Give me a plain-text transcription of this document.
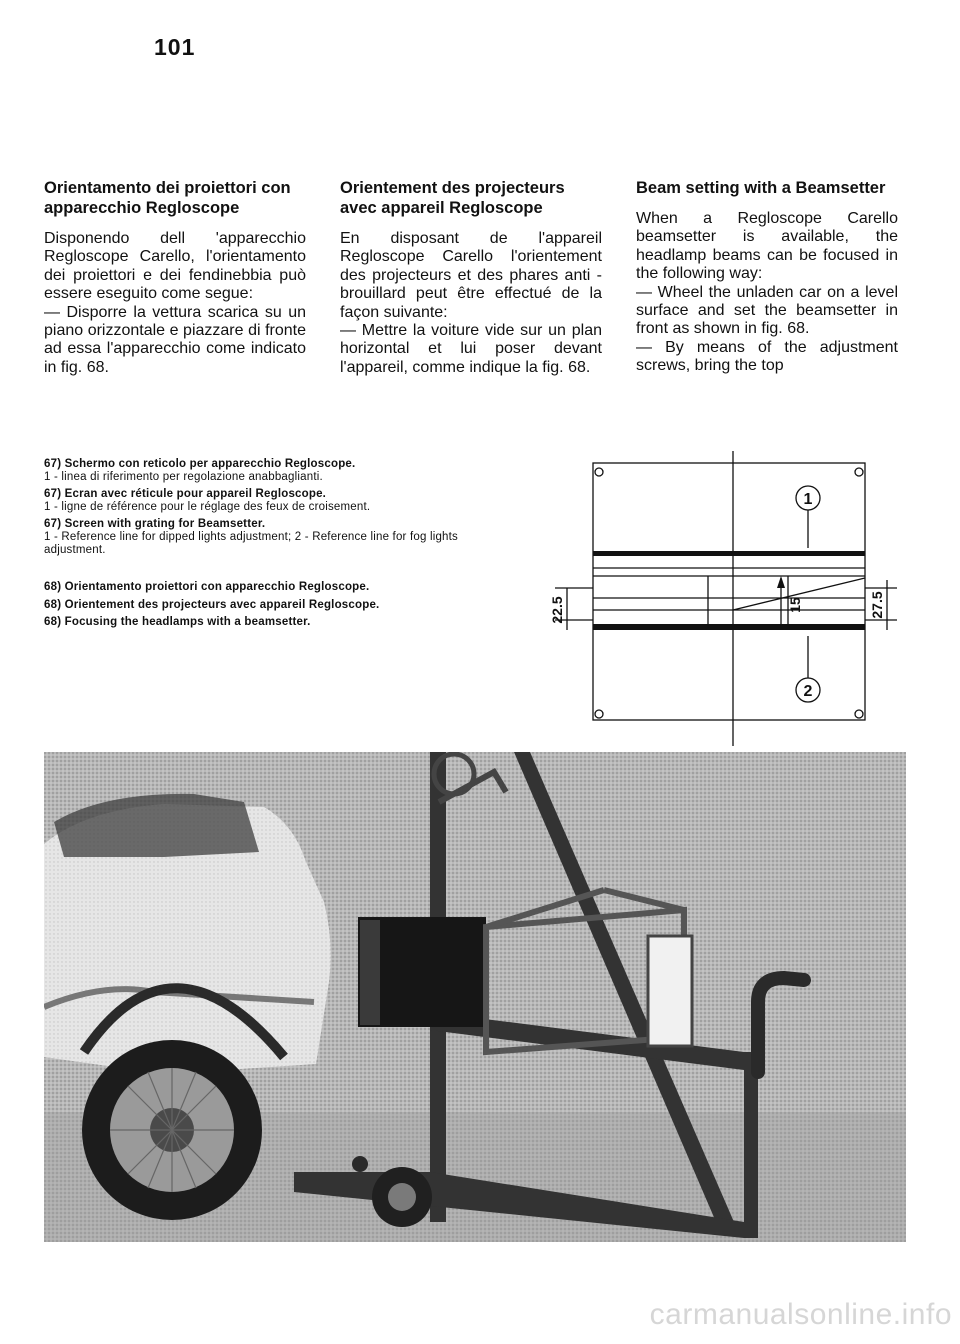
101
Orientamento dei proiettori con apparecchio Regloscope

Disponendo dell 'apparecchio Regloscope Carello, l'orientamento dei proiettori e dei fendinebbia può essere eseguito come segue:
— Disporre la vettura scarica su un piano orizzontale e piazzare di fronte ad essa l'apparecchio come indicato in fig. 68.

Orientement des projecteurs avec appareil Regloscope

En disposant de l'appareil Regloscope Carello l'orientement des projecteurs et des phares anti - brouillard peut être effectué de la façon suivante:
— Mettre la voiture vide sur un plan horizontal et lui poser devant l'appareil, comme indique la fig. 68.

Beam setting with a Beamsetter

When a Regloscope Carello beamsetter is available, the headlamp beams can be focused in the following way:
— Wheel the unladen car on a level surface and set the beamsetter in front as shown in fig. 68.
— By means of the adjustment screws, bring the top

67) Schermo con reticolo per apparecchio Regloscope.
1 - linea di riferimento per regolazione anabbaglianti.
67) Ecran avec réticule pour appareil Regloscope.
1 - ligne de référence pour le réglage des feux de croisement.
67) Screen with grating for Beamsetter.
1 - Reference line for dipped lights adjustment; 2 - Reference line for fog lights adjustment.
68) Orientamento proiettori con apparecchio Regloscope.
68) Orientement des projecteurs avec appareil Regloscope.
68) Focusing the headlamps with a beamsetter.
1
2
22.5	15	27.5
carmanualsonline.info
